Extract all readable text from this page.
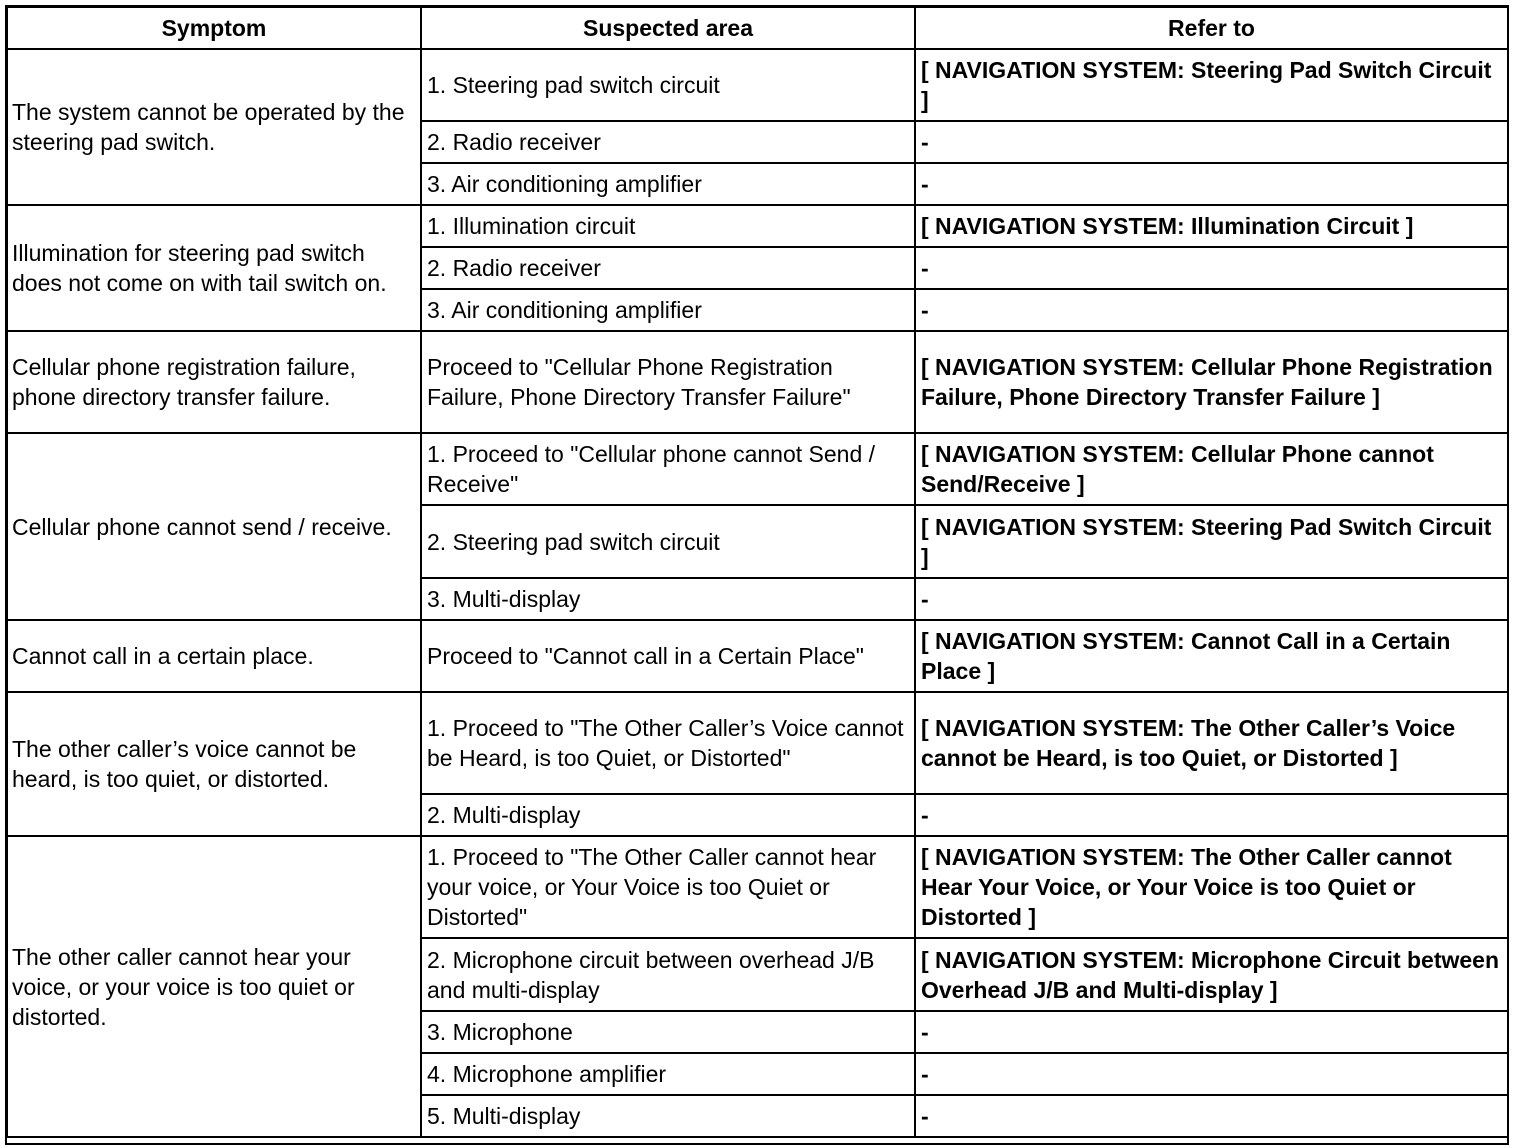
Symptom	Suspected area	Refer to
The system cannot be operated by the steering pad switch.	1. Steering pad switch circuit	[ NAVIGATION SYSTEM: Steering Pad Switch Circuit ]
	2. Radio receiver	-
	3. Air conditioning amplifier	-
Illumination for steering pad switch does not come on with tail switch on.	1. Illumination circuit	[ NAVIGATION SYSTEM: Illumination Circuit ]
	2. Radio receiver	-
	3. Air conditioning amplifier	-
Cellular phone registration failure, phone directory transfer failure.	Proceed to "Cellular Phone Registration Failure, Phone Directory Transfer Failure"	[ NAVIGATION SYSTEM: Cellular Phone Registration Failure, Phone Directory Transfer Failure ]
Cellular phone cannot send / receive.	1. Proceed to "Cellular phone cannot Send / Receive"	[ NAVIGATION SYSTEM: Cellular Phone cannot Send/Receive ]
	2. Steering pad switch circuit	[ NAVIGATION SYSTEM: Steering Pad Switch Circuit ]
	3. Multi-display	-
Cannot call in a certain place.	Proceed to "Cannot call in a Certain Place"	[ NAVIGATION SYSTEM: Cannot Call in a Certain Place ]
The other caller’s voice cannot be heard, is too quiet, or distorted.	1. Proceed to "The Other Caller’s Voice cannot be Heard, is too Quiet, or Distorted"	[ NAVIGATION SYSTEM: The Other Caller’s Voice cannot be Heard, is too Quiet, or Distorted ]
	2. Multi-display	-
The other caller cannot hear your voice, or your voice is too quiet or distorted.	1. Proceed to "The Other Caller cannot hear your voice, or Your Voice is too Quiet or Distorted"	[ NAVIGATION SYSTEM: The Other Caller cannot Hear Your Voice, or Your Voice is too Quiet or Distorted ]
	2. Microphone circuit between overhead J/B and multi-display	[ NAVIGATION SYSTEM: Microphone Circuit between Overhead J/B and Multi-display ]
	3. Microphone	-
	4. Microphone amplifier	-
	5. Multi-display	-
